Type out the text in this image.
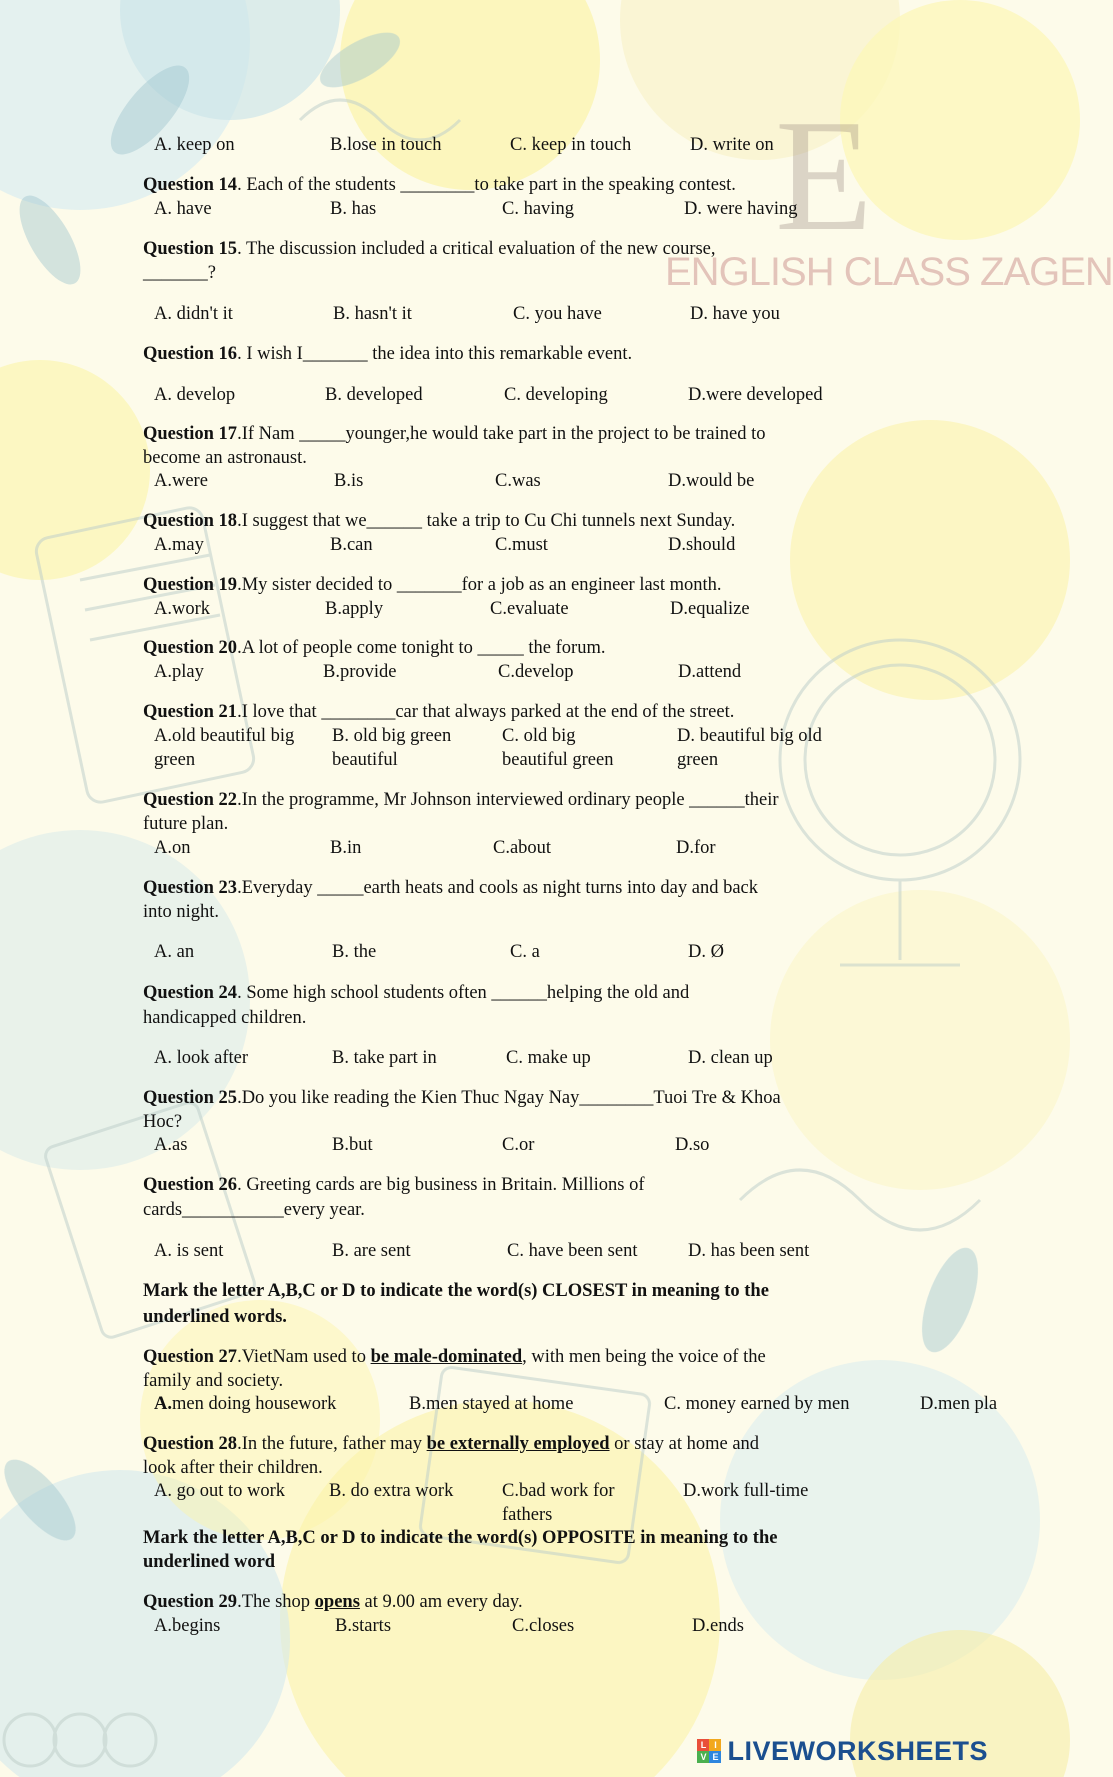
E
ENGLISH CLASS ZAGEN
A. keep on	B.lose in touch	C. keep in touch	D. write on
Question 14. Each of the students ________to take part in the speaking contest.
A. have	B. has	C. having	D. were having
Question 15. The discussion included a critical evaluation of the new course,
_______?
A. didn't it	B. hasn't it	C. you have	D. have you
Question 16. I wish I_______ the idea into this remarkable event.
A. develop	B. developed	C. developing	D.were developed
Question 17.If Nam _____younger,he would take part in the project to be trained to
become an astronaust.
A.were	B.is	C.was	D.would be
Question 18.I suggest that we______ take a trip to Cu Chi tunnels next Sunday.
A.may	B.can	C.must	D.should
Question 19.My sister decided to _______for a job as an engineer last month.
A.work	B.apply	C.evaluate	D.equalize
Question 20.A lot of people come tonight to _____ the forum.
A.play	B.provide	C.develop	D.attend
Question 21.I love that ________car that always parked at the end of the street.
A.old beautiful big
green
B. old big green
beautiful
C. old big
beautiful green
D. beautiful big old
green
Question 22.In the programme, Mr Johnson interviewed ordinary people ______their
future plan.
A.on	B.in	C.about	D.for
Question 23.Everyday _____earth heats and cools as night turns into day and back
into night.
A. an	B. the	C. a	D. Ø
Question 24. Some high school students often ______helping the old and
handicapped children.
A. look after	B. take part in	C. make up	D. clean up
Question 25.Do you like reading the Kien Thuc Ngay Nay________Tuoi Tre & Khoa
Hoc?
A.as	B.but	C.or	D.so
Question 26. Greeting cards are big business in Britain. Millions of
cards___________every year.
A. is sent	B. are sent	C. have been sent	D. has been sent
Mark the letter A,B,C or D to indicate the word(s) CLOSEST in meaning to the
underlined words.
Question 27.VietNam used to be male-dominated, with men being the voice of the
family and society.
A.men doing housework	B.men stayed at home	C. money earned by men	D.men pla
Question 28.In the future, father may be externally employed or stay at home and
look after their children.
A. go out to work B. do extra work	C.bad work for
fathers
D.work full-time
Mark the letter A,B,C or D to indicate the word(s) OPPOSITE in meaning to the
underlined word
Question 29.The shop opens at 9.00 am every day.
A.begins	B.starts	C.closes	D.ends
L I
V E LIVEWORKSHEETS
